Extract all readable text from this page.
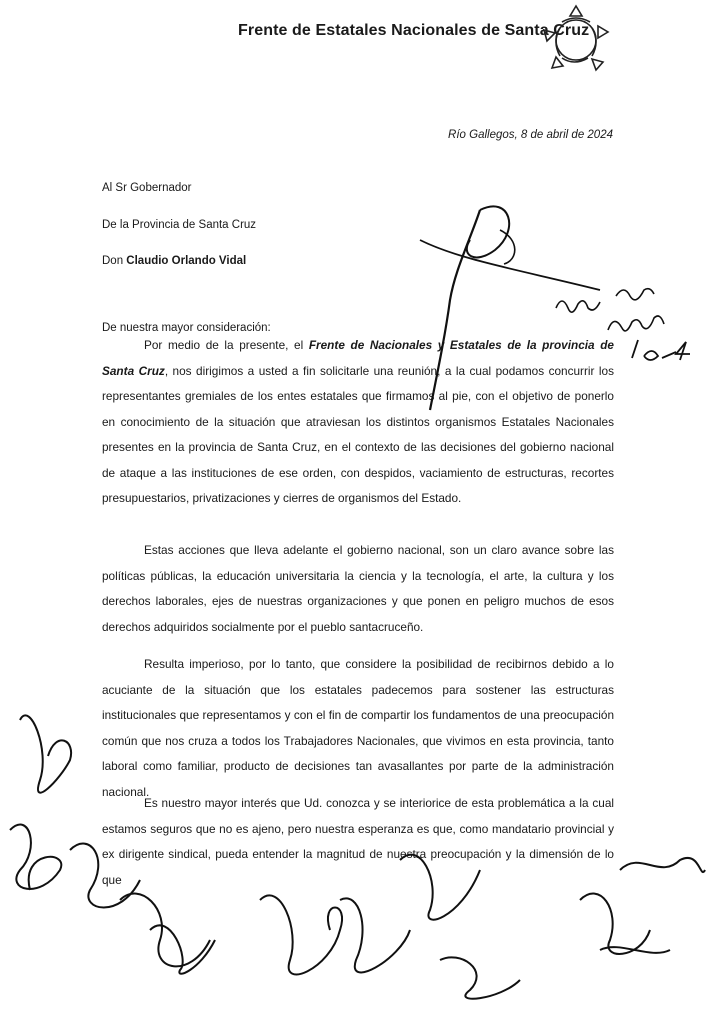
Frente de Estatales Nacionales de Santa Cruz
Río Gallegos, 8 de abril de 2024
Al Sr Gobernador
De la Provincia de Santa Cruz
Don Claudio Orlando Vidal
De nuestra mayor consideración:

Por medio de la presente, el Frente de Nacionales y Estatales de la provincia de Santa Cruz, nos dirigimos a usted a fin solicitarle una reunión, a la cual podamos concurrir los representantes gremiales de los entes estatales que firmamos al pie, con el objetivo de ponerlo en conocimiento de la situación que atraviesan los distintos organismos Estatales Nacionales presentes en la provincia de Santa Cruz, en el contexto de las decisiones del gobierno nacional de ataque a las instituciones de ese orden, con despidos, vaciamiento de estructuras, recortes presupuestarios, privatizaciones y cierres de organismos del Estado.

Estas acciones que lleva adelante el gobierno nacional, son un claro avance sobre las políticas públicas, la educación universitaria la ciencia y la tecnología, el arte, la cultura y los derechos laborales, ejes de nuestras organizaciones y que ponen en peligro muchos de esos derechos adquiridos socialmente por el pueblo santacruceño.

Resulta imperioso, por lo tanto, que considere la posibilidad de recibirnos debido a lo acuciante de la situación que los estatales padecemos para sostener las estructuras institucionales que representamos y con el fin de compartir los fundamentos de una preocupación común que nos cruza a todos los Trabajadores Nacionales, que vivimos en esta provincia, tanto laboral como familiar, producto de decisiones tan avasallantes por parte de la administración nacional.

Es nuestro mayor interés que Ud. conozca y se interiorice de esta problemática a la cual estamos seguros que no es ajeno, pero nuestra esperanza es que, como mandatario provincial y ex dirigente sindical, pueda entender la magnitud de nuestra preocupación y la dimensión de lo que
